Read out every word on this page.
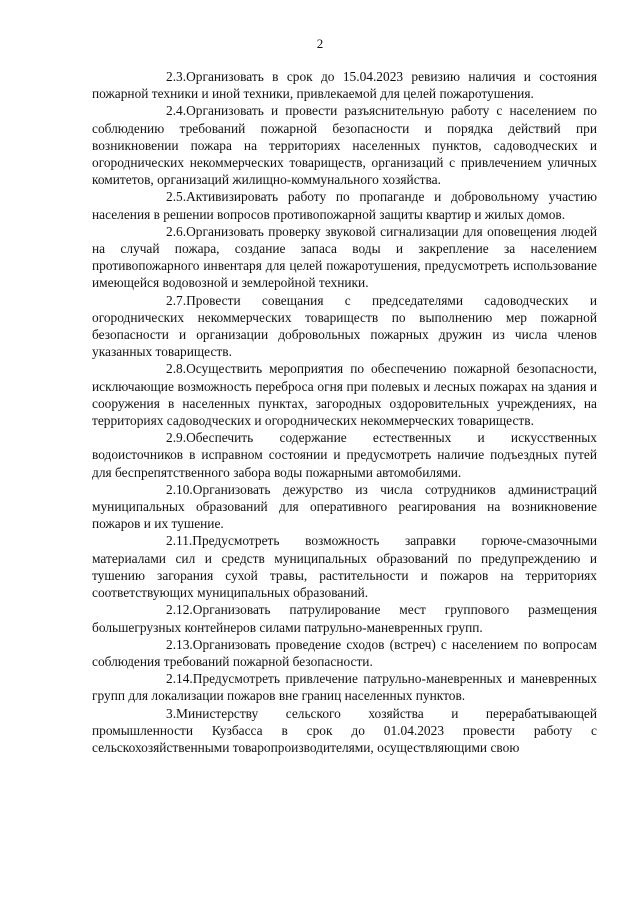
2

2.3.Организовать в срок до 15.04.2023 ревизию наличия и состояния пожарной техники и иной техники, привлекаемой для целей пожаротушения.

2.4.Организовать и провести разъяснительную работу с населением по соблюдению требований пожарной безопасности и порядка действий при возникновении пожара на территориях населенных пунктов, садоводческих и огороднических некоммерческих товариществ, организаций с привлечением уличных комитетов, организаций жилищно-коммунального хозяйства.

2.5.Активизировать работу по пропаганде и добровольному участию населения в решении вопросов противопожарной защиты квартир и жилых домов.

2.6.Организовать проверку звуковой сигнализации для оповещения людей на случай пожара, создание запаса воды и закрепление за населением противопожарного инвентаря для целей пожаротушения, предусмотреть использование имеющейся водовозной и землеройной техники.

2.7.Провести совещания с председателями садоводческих и огороднических некоммерческих товариществ по выполнению мер пожарной безопасности и организации добровольных пожарных дружин из числа членов указанных товариществ.

2.8.Осуществить мероприятия по обеспечению пожарной безопасности, исключающие возможность переброса огня при полевых и лесных пожарах на здания и сооружения в населенных пунктах, загородных оздоровительных учреждениях, на территориях садоводческих и огороднических некоммерческих товариществ.

2.9.Обеспечить содержание естественных и искусственных водоисточников в исправном состоянии и предусмотреть наличие подъездных путей для беспрепятственного забора воды пожарными автомобилями.

2.10.Организовать дежурство из числа сотрудников администраций муниципальных образований для оперативного реагирования на возникновение пожаров и их тушение.

2.11.Предусмотреть возможность заправки горюче-смазочными материалами сил и средств муниципальных образований по предупреждению и тушению загорания сухой травы, растительности и пожаров на территориях соответствующих муниципальных образований.

2.12.Организовать патрулирование мест группового размещения большегрузных контейнеров силами патрульно-маневренных групп.

2.13.Организовать проведение сходов (встреч) с населением по вопросам соблюдения требований пожарной безопасности.

2.14.Предусмотреть привлечение патрульно-маневренных и маневренных групп для локализации пожаров вне границ населенных пунктов.

3.Министерству сельского хозяйства и перерабатывающей промышленности Кузбасса в срок до 01.04.2023 провести работу с сельскохозяйственными товаропроизводителями, осуществляющими свою
